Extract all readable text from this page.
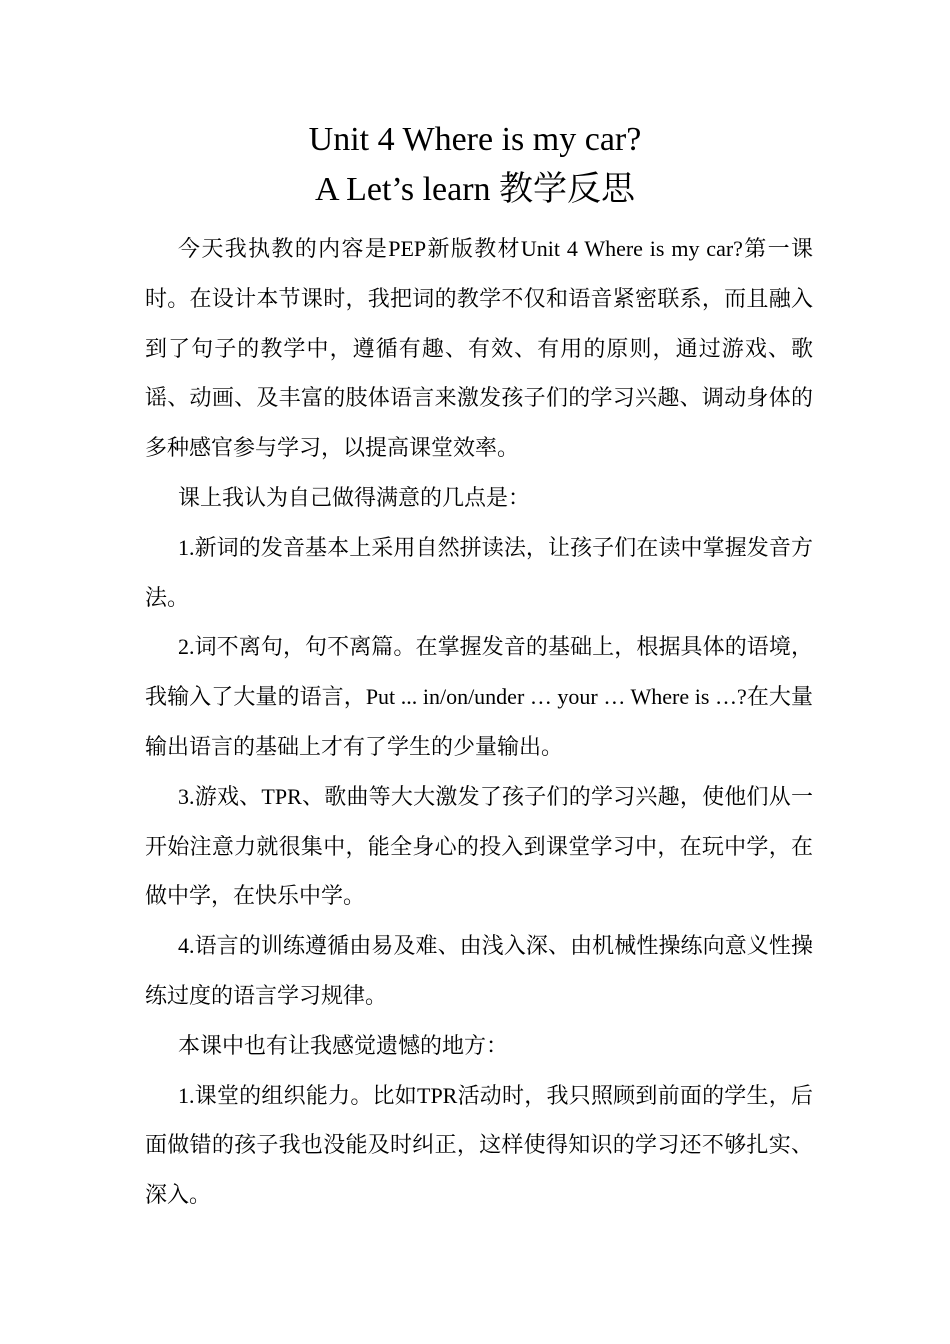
Unit 4 Where is my car?
A Let’s learn 教学反思

今天我执教的内容是PEP新版教材Unit 4 Where is my car?第一课时。在设计本节课时，我把词的教学不仅和语音紧密联系，而且融入到了句子的教学中，遵循有趣、有效、有用的原则，通过游戏、歌谣、动画、及丰富的肢体语言来激发孩子们的学习兴趣、调动身体的多种感官参与学习，以提高课堂效率。

课上我认为自己做得满意的几点是：

1.新词的发音基本上采用自然拼读法，让孩子们在读中掌握发音方法。

2.词不离句，句不离篇。在掌握发音的基础上，根据具体的语境，我输入了大量的语言，Put ... in/on/under … your … Where is …?在大量输出语言的基础上才有了学生的少量输出。

3.游戏、TPR、歌曲等大大激发了孩子们的学习兴趣，使他们从一开始注意力就很集中，能全身心的投入到课堂学习中，在玩中学，在做中学，在快乐中学。

4.语言的训练遵循由易及难、由浅入深、由机械性操练向意义性操练过度的语言学习规律。

本课中也有让我感觉遗憾的地方：

1.课堂的组织能力。比如TPR活动时，我只照顾到前面的学生，后面做错的孩子我也没能及时纠正，这样使得知识的学习还不够扎实、深入。
